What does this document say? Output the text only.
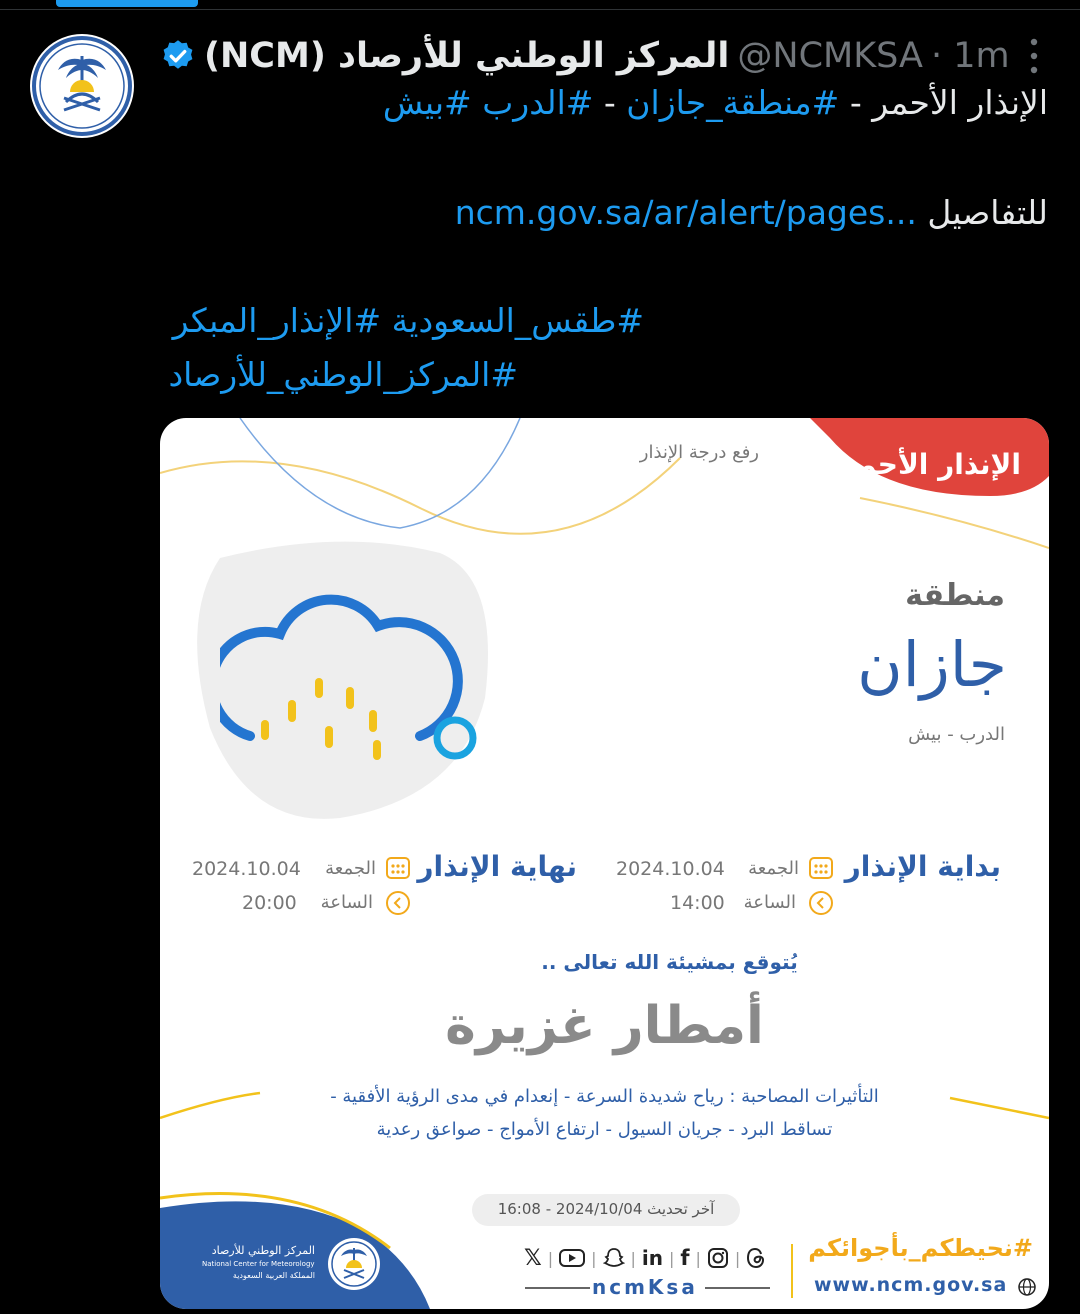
المركز الوطني للأرصاد (NCM) @NCMKSA · 1m
الإنذار الأحمر - #منطقة_جازان - #الدرب #بيش
للتفاصيل ncm.gov.sa/ar/alert/pages...
#طقس_السعودية #الإنذار_المبكر
#المركز_الوطني_للأرصاد
الإنذار الأحمر
رفع درجة الإنذار
منطقة
جازان
الدرب - بيش
بداية الإنذار
الجمعة
2024.10.04
الساعة
14:00
نهاية الإنذار
الجمعة
2024.10.04
الساعة
20:00
يُتوقع بمشيئة الله تعالى ..
أمطار غزيرة
التأثيرات المصاحبة : رياح شديدة السرعة - إنعدام في مدى الرؤية الأفقية -
تساقط البرد - جريان السيول - ارتفاع الأمواج - صواعق رعدية
آخر تحديث 2024/10/04 - 16:08
المركز الوطني للأرصاد
National Center for Meteorology
المملكة العربية السعودية
𝕏 | | | in | f | |
ncmKsa
#نحيطكم_بأجوائكم
www.ncm.gov.sa
